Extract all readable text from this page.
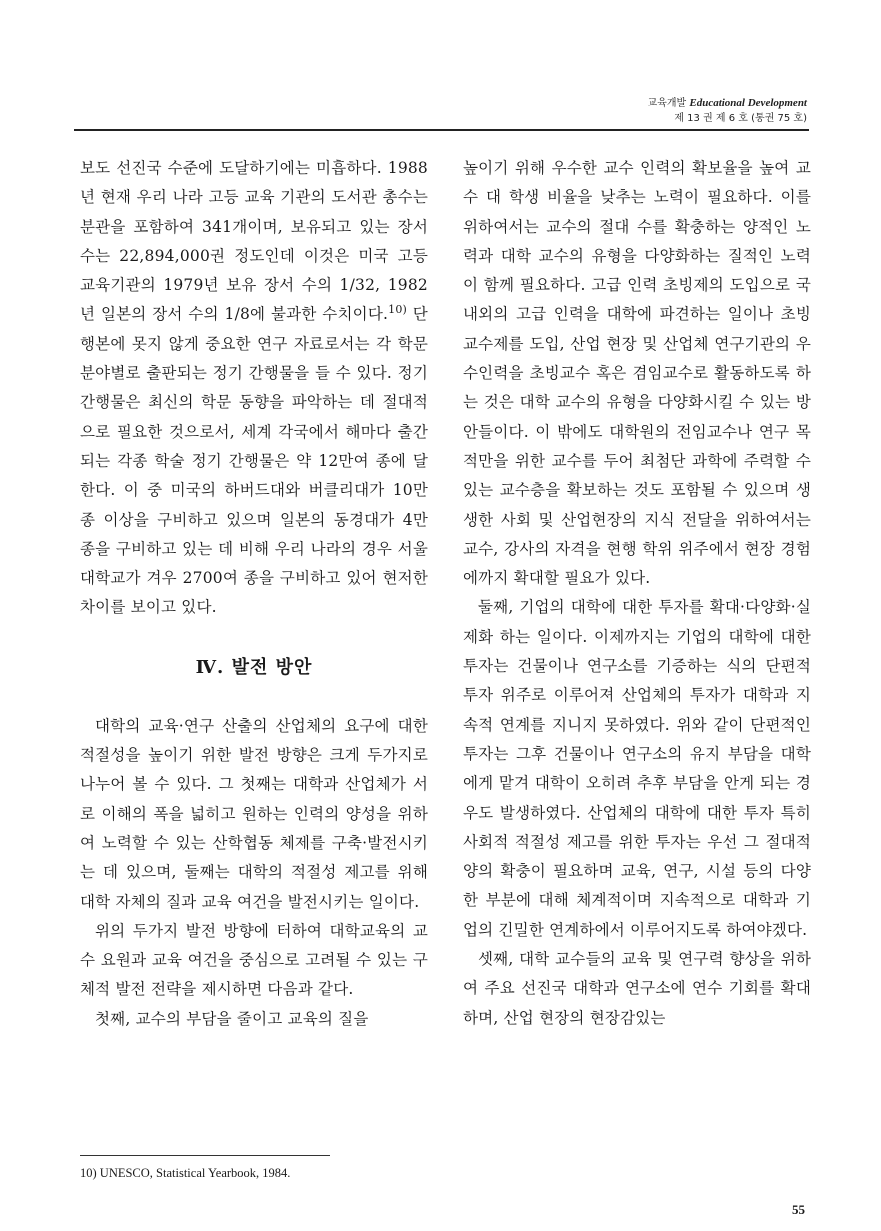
교육개발 Educational Development
제 13 권 제 6 호 (통권 75 호)

보도 선진국 수준에 도달하기에는 미흡하다. 1988년 현재 우리 나라 고등 교육 기관의 도서관 총수는 분관을 포함하여 341개이며, 보유되고 있는 장서 수는 22,894,000권 정도인데 이것은 미국 고등 교육기관의 1979년 보유 장서 수의 1/32, 1982년 일본의 장서 수의 1/8에 불과한 수치이다.$^{10)}$ 단행본에 못지 않게 중요한 연구 자료로서는 각 학문 분야별로 출판되는 정기 간행물을 들 수 있다. 정기 간행물은 최신의 학문 동향을 파악하는 데 절대적으로 필요한 것으로서, 세계 각국에서 해마다 출간되는 각종 학술 정기 간행물은 약 12만여 종에 달한다. 이 중 미국의 하버드대와 버클리대가 10만 종 이상을 구비하고 있으며 일본의 동경대가 4만 종을 구비하고 있는 데 비해 우리 나라의 경우 서울대학교가 겨우 2700여 종을 구비하고 있어 현저한 차이를 보이고 있다.

Ⅳ. 발전 방안

대학의 교육·연구 산출의 산업체의 요구에 대한 적절성을 높이기 위한 발전 방향은 크게 두가지로 나누어 볼 수 있다. 그 첫째는 대학과 산업체가 서로 이해의 폭을 넓히고 원하는 인력의 양성을 위하여 노력할 수 있는 산학협동 체제를 구축·발전시키는 데 있으며, 둘째는 대학의 적절성 제고를 위해 대학 자체의 질과 교육 여건을 발전시키는 일이다.

위의 두가지 발전 방향에 터하여 대학교육의 교수 요원과 교육 여건을 중심으로 고려될 수 있는 구체적 발전 전략을 제시하면 다음과 같다.

첫째, 교수의 부담을 줄이고 교육의 질을

높이기 위해 우수한 교수 인력의 확보율을 높여 교수 대 학생 비율을 낮추는 노력이 필요하다. 이를 위하여서는 교수의 절대 수를 확충하는 양적인 노력과 대학 교수의 유형을 다양화하는 질적인 노력이 함께 필요하다. 고급 인력 초빙제의 도입으로 국내외의 고급 인력을 대학에 파견하는 일이나 초빙 교수제를 도입, 산업 현장 및 산업체 연구기관의 우수인력을 초빙교수 혹은 겸임교수로 활동하도록 하는 것은 대학 교수의 유형을 다양화시킬 수 있는 방안들이다. 이 밖에도 대학원의 전임교수나 연구 목적만을 위한 교수를 두어 최첨단 과학에 주력할 수 있는 교수층을 확보하는 것도 포함될 수 있으며 생생한 사회 및 산업현장의 지식 전달을 위하여서는 교수, 강사의 자격을 현행 학위 위주에서 현장 경험에까지 확대할 필요가 있다.

둘째, 기업의 대학에 대한 투자를 확대·다양화·실제화 하는 일이다. 이제까지는 기업의 대학에 대한 투자는 건물이나 연구소를 기증하는 식의 단편적 투자 위주로 이루어져 산업체의 투자가 대학과 지속적 연계를 지니지 못하였다. 위와 같이 단편적인 투자는 그후 건물이나 연구소의 유지 부담을 대학에게 맡겨 대학이 오히려 추후 부담을 안게 되는 경우도 발생하였다. 산업체의 대학에 대한 투자 특히 사회적 적절성 제고를 위한 투자는 우선 그 절대적 양의 확충이 필요하며 교육, 연구, 시설 등의 다양한 부분에 대해 체계적이며 지속적으로 대학과 기업의 긴밀한 연계하에서 이루어지도록 하여야겠다.

셋째, 대학 교수들의 교육 및 연구력 향상을 위하여 주요 선진국 대학과 연구소에 연수 기회를 확대하며, 산업 현장의 현장감있는

10) UNESCO, Statistical Yearbook, 1984.
55
